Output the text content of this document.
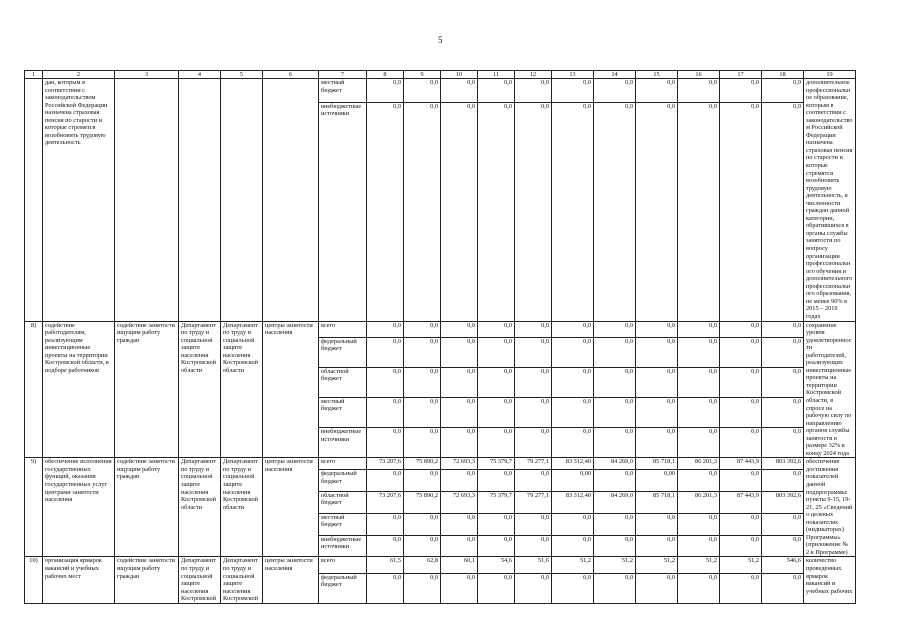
5
1	2	3	4	5	6	7	8	9	10	11	12	13	14	15	16	17	18	19
	дан, которым в соответствии с законодательством Российской Федерации назначена страховая пенсия по старости и которые стремятся возобновить трудовую деятельность					местный бюджет	0,0	0,0	0,0	0,0	0,0	0,0	0,0	0,0	0,0	0,0	0,0	дополнительное профессиональное образование, которым в соответствии с законодательством Российской Федерации назначена страховая пенсия по старости и которые стремятся возобновить трудовую деятельность, в численности граждан данной категории, обратившихся в органы службы занятости по вопросу организации профессионального обучения и дополнительного профессионального образования, не менее 90% в 2015 – 2019 годах
						внебюджетные источники	0,0	0,0	0,0	0,0	0,0	0,0	0,0	0,0	0,0	0,0	0,0	
8)	содействие работодателям, реализующим инвестиционные проекты на территории Костромской области, в подборе работников	содействие занятости ищущим работу граждан	Департамент по труду и социальной защите населения Костромской области	Департамент по труду и социальной защите населения Костромской области	центры занятости населения	всего	0,0	0,0	0,0	0,0	0,0	0,0	0,0	0,0	0,0	0,0	0,0	сохранение уровня удовлетворенности работодателей, реализующих инвестиционные проекты на территории Костромской области, в спросе на рабочую силу по направлению органов службы занятости в размере 32% к концу 2024 года
						федеральный бюджет	0,0	0,0	0,0	0,0	0,0	0,0	0,0	0,0	0,0	0,0	0,0	
						областной бюджет	0,0	0,0	0,0	0,0	0,0	0,0	0,0	0,0	0,0	0,0	0,0	
						местный бюджет	0,0	0,0	0,0	0,0	0,0	0,0	0,0	0,0	0,0	0,0	0,0	
						внебюджетные источники	0,0	0,0	0,0	0,0	0,0	0,0	0,0	0,0	0,0	0,0	0,0	
9)	обеспечение исполнения государственных функций, оказания государственных услуг центрами занятости населения	содействие занятости ищущим работу граждан	Департамент по труду и социальной защите населения Костромской области	Департамент по труду и социальной защите населения Костромской области	центры занятости населения	всего	73 207,6	75 890,2	72 693,3	75 379,7	79 277,1	83 312,40	84 269,0	85 718,1	86 201,3	87 443,9	803 392,6	обеспечение достижения показателей данной подпрограммы: пункты 9-15, 19-21, 25 «Сведений о целевых показателях (индикаторах) Программы» (приложение № 2 к Программе)
						федеральный бюджет	0,0	0,0	0,0	0,0	0,0	0,00	0,0	0,00	0,0	0,0	0,0	
						областной бюджет	73 207,6	75 890,2	72 693,3	75 379,7	79 277,1	83 312,40	84 269,0	85 718,1	86 201,3	87 443,9	803 392,6	
						местный бюджет	0,0	0,0	0,0	0,0	0,0	0,0	0,0	0,0	0,0	0,0	0,0	
						внебюджетные источники	0,0	0,0	0,0	0,0	0,0	0,0	0,0	0,0	0,0	0,0	0,0	
10)	организация ярмарок вакансий и учебных рабочих мест	содействие занятости ищущим работу граждан	Департамент по труду и социальной защите населения Костромской	Департамент по труду и социальной защите населения Костромской	центры занятости населения	всего	61,5	62,8	60,1	54,6	51,6	51,2	51,2	51,2	51,2	51,2	546,6	количество проведенных ярмарок вакансий и учебных рабочих
						федеральный бюджет	0,0	0,0	0,0	0,0	0,0	0,0	0,0	0,0	0,0	0,0	0,0	
